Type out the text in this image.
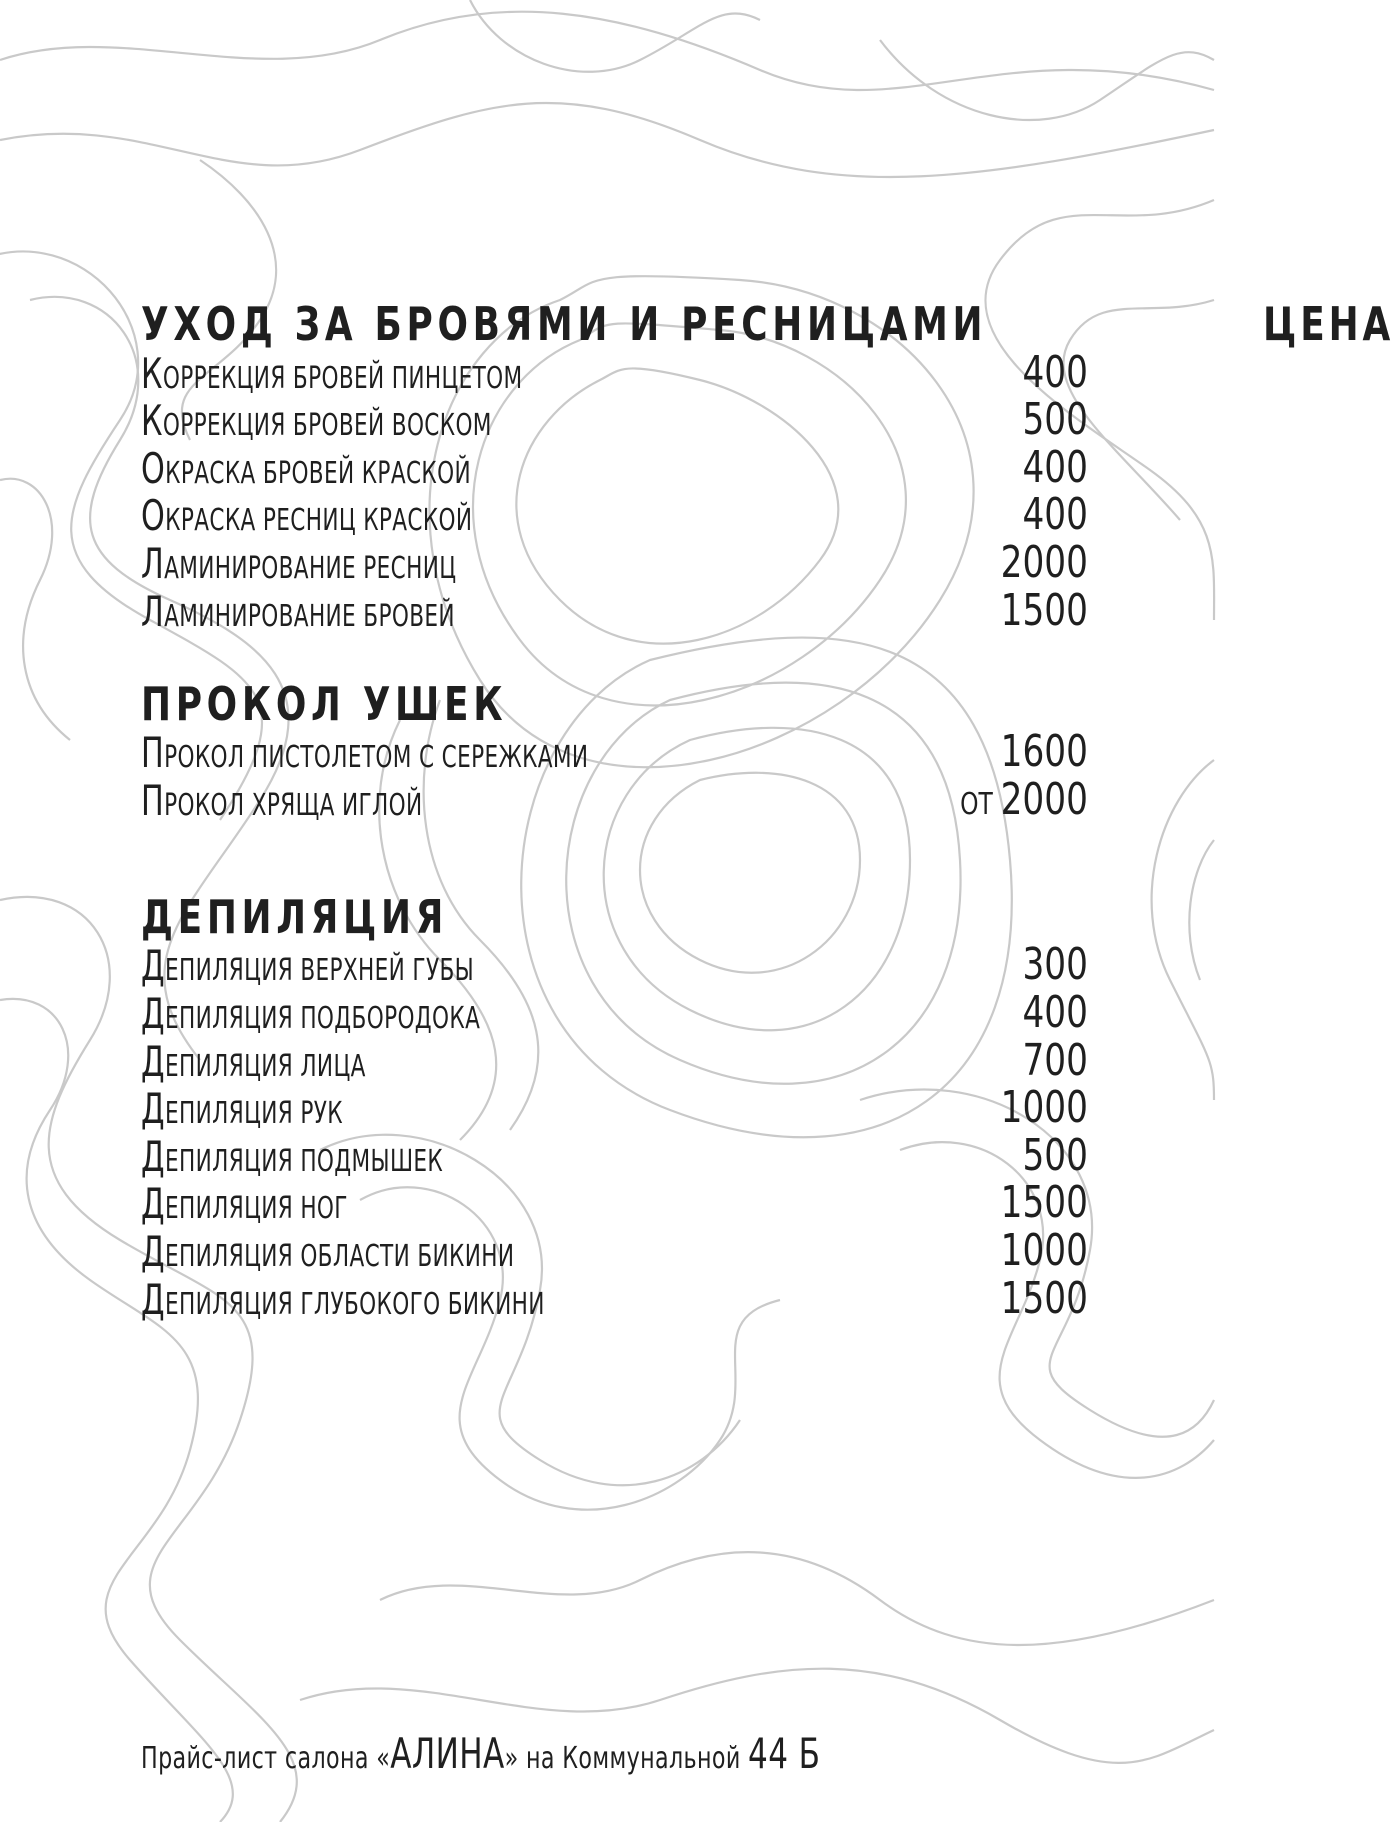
УХОД ЗА БРОВЯМИ И РЕСНИЦАМИ	ЦЕНА
КОРРЕКЦИЯ БРОВЕЙ ПИНЦЕТОМ	400
КОРРЕКЦИЯ БРОВЕЙ ВОСКОМ	500
ОКРАСКА БРОВЕЙ КРАСКОЙ	400
ОКРАСКА РЕСНИЦ КРАСКОЙ	400
ЛАМИНИРОВАНИЕ РЕСНИЦ	2000
ЛАМИНИРОВАНИЕ БРОВЕЙ	1500
ПРОКОЛ УШЕК
ПРОКОЛ ПИСТОЛЕТОМ С СЕРЕЖКАМИ	1600
ПРОКОЛ ХРЯЩА ИГЛОЙ	ОТ 2000
ДЕПИЛЯЦИЯ
ДЕПИЛЯЦИЯ ВЕРХНЕЙ ГУБЫ	300
ДЕПИЛЯЦИЯ ПОДБОРОДОКА	400
ДЕПИЛЯЦИЯ ЛИЦА	700
ДЕПИЛЯЦИЯ РУК	1000
ДЕПИЛЯЦИЯ ПОДМЫШЕК	500
ДЕПИЛЯЦИЯ НОГ	1500
ДЕПИЛЯЦИЯ ОБЛАСТИ БИКИНИ	1000
ДЕПИЛЯЦИЯ ГЛУБОКОГО БИКИНИ	1500
Прайс-лист салона «АЛИНА» на Коммунальной 44 Б
